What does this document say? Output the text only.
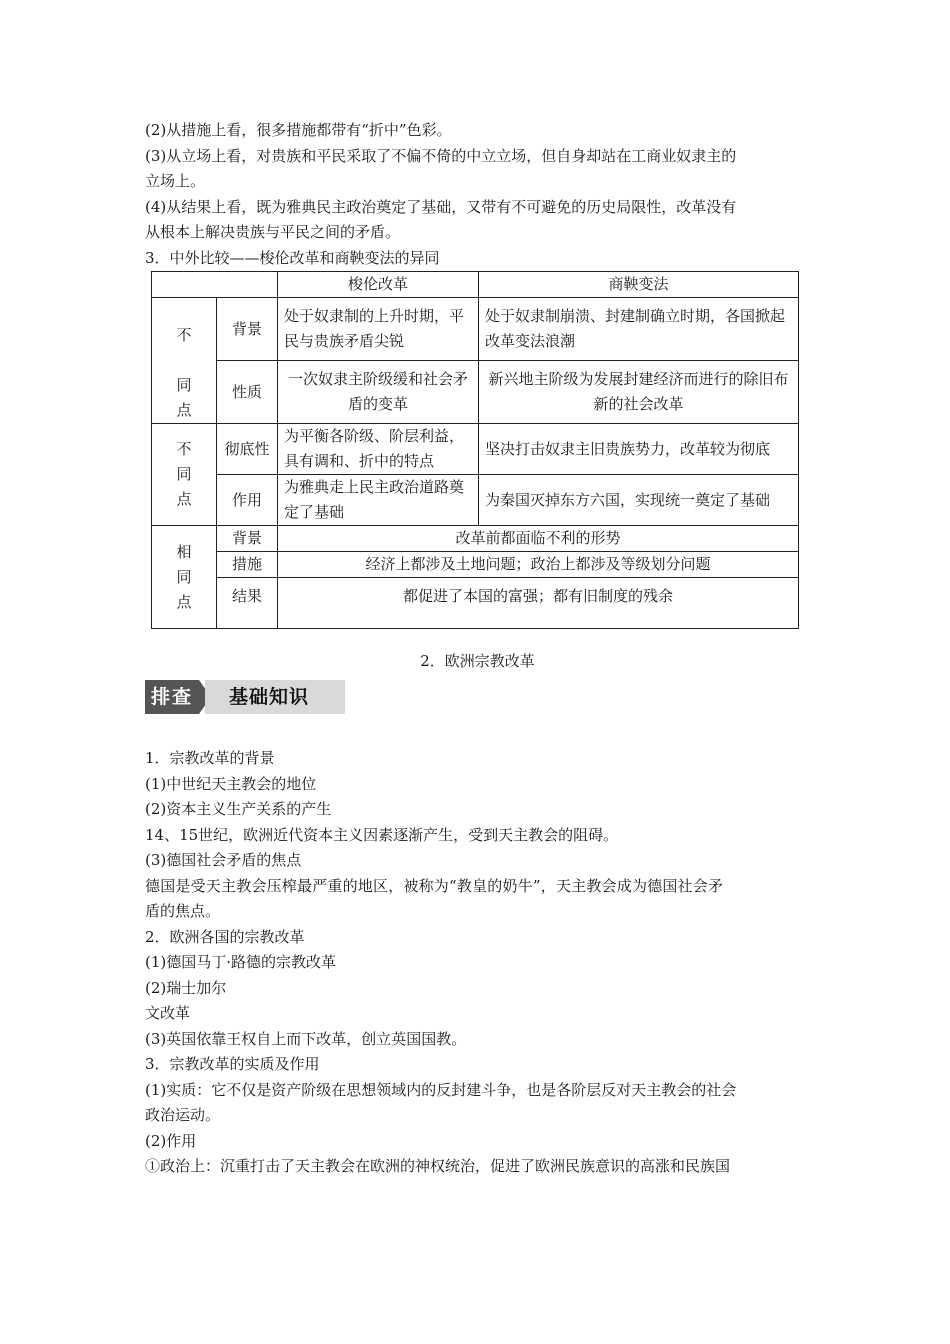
(2)从措施上看，很多措施都带有“折中”色彩。

(3)从立场上看，对贵族和平民采取了不偏不倚的中立立场，但自身却站在工商业奴隶主的

立场上。

(4)从结果上看，既为雅典民主政治奠定了基础，又带有不可避免的历史局限性，改革没有

从根本上解决贵族与平民之间的矛盾。

3．中外比较——梭伦改革和商鞅变法的异同

		梭伦改革	商鞅变法

不
同
点	背景	处于奴隶制的上升时期，平民与贵族矛盾尖锐	处于奴隶制崩溃、封建制确立时期，各国掀起改革变法浪潮
	性质	一次奴隶主阶级缓和社会矛盾的变革	新兴地主阶级为发展封建经济而进行的除旧布新的社会改革

不
同
点	彻底性	为平衡各阶级、阶层利益，具有调和、折中的特点	坚决打击奴隶主旧贵族势力，改革较为彻底
	作用	为雅典走上民主政治道路奠定了基础	为秦国灭掉东方六国，实现统一奠定了基础

相
同
点	背景	改革前都面临不利的形势	
	措施	经济上都涉及土地问题；政治上都涉及等级划分问题	
	结果	都促进了本国的富强；都有旧制度的残余	
2．欧洲宗教改革
排查	基础知识

1．宗教改革的背景

(1)中世纪天主教会的地位

(2)资本主义生产关系的产生

14、15世纪，欧洲近代资本主义因素逐渐产生，受到天主教会的阻碍。

(3)德国社会矛盾的焦点

德国是受天主教会压榨最严重的地区，被称为“教皇的奶牛”，天主教会成为德国社会矛

盾的焦点。

2．欧洲各国的宗教改革

(1)德国马丁·路德的宗教改革

(2)瑞士加尔

文改革

(3)英国依靠王权自上而下改革，创立英国国教。

3．宗教改革的实质及作用

(1)实质：它不仅是资产阶级在思想领域内的反封建斗争，也是各阶层反对天主教会的社会

政治运动。

(2)作用

①政治上：沉重打击了天主教会在欧洲的神权统治，促进了欧洲民族意识的高涨和民族国
